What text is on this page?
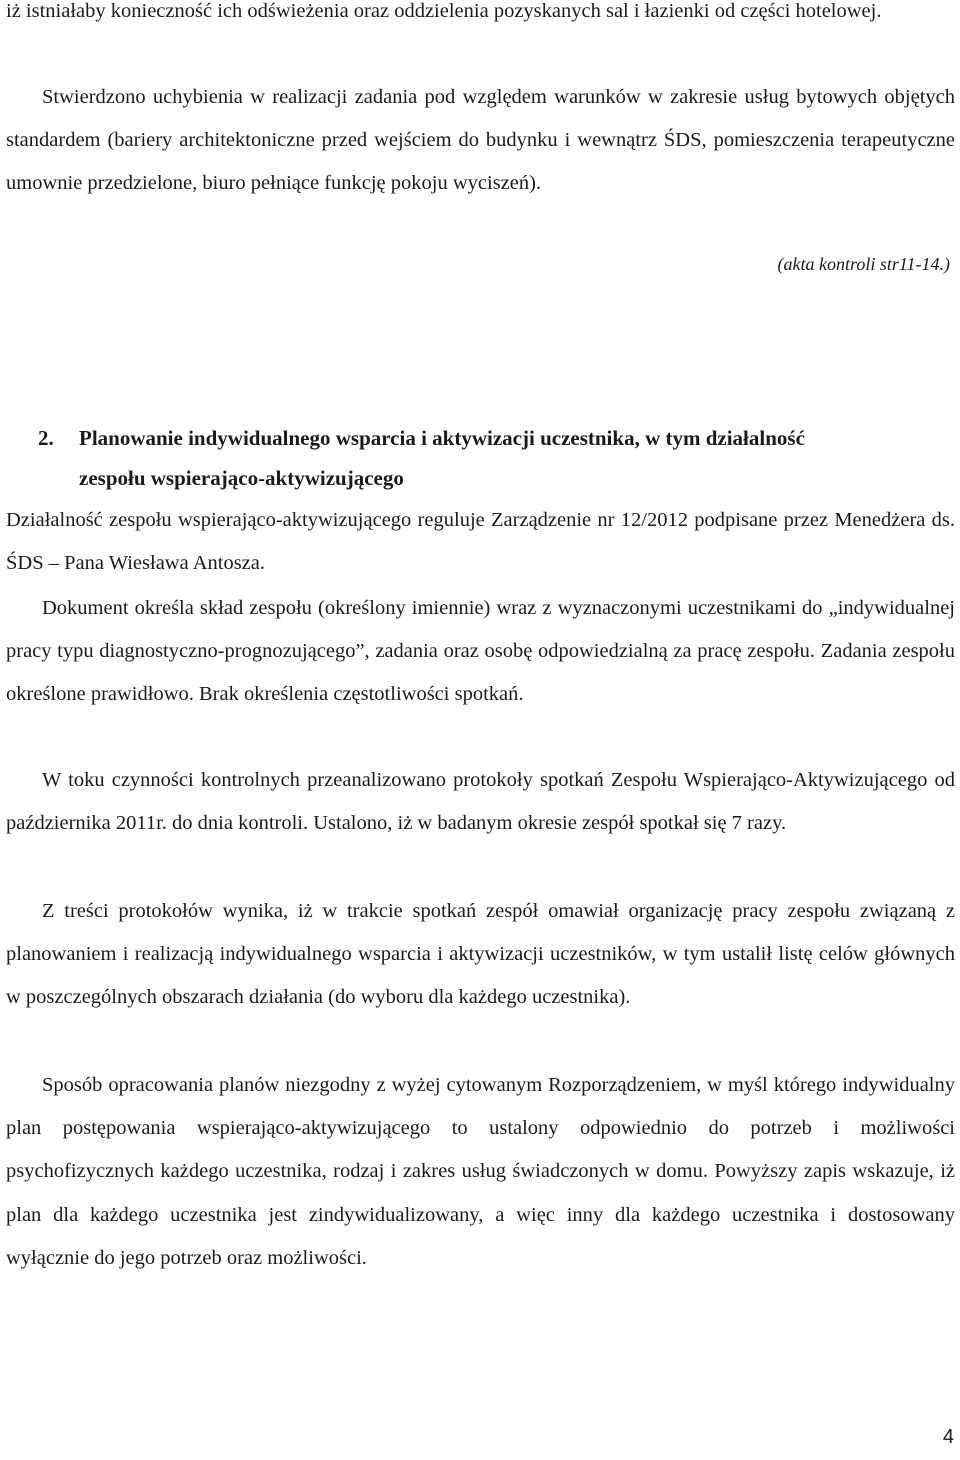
iż istniałaby konieczność ich odświeżenia oraz oddzielenia pozyskanych sal i łazienki od części hotelowej.

Stwierdzono uchybienia w realizacji zadania pod względem warunków w zakresie usług bytowych objętych standardem (bariery architektoniczne przed wejściem do budynku i wewnątrz ŚDS, pomieszczenia terapeutyczne umownie przedzielone, biuro pełniące funkcję pokoju wyciszeń).

(akta kontroli str11-14.)

2. Planowanie indywidualnego wsparcia i aktywizacji uczestnika, w tym działalność
zespołu wspierająco-aktywizującego

Działalność zespołu wspierająco-aktywizującego reguluje Zarządzenie nr 12/2012 podpisane przez Menedżera ds. ŚDS – Pana Wiesława Antosza.

Dokument określa skład zespołu (określony imiennie) wraz z wyznaczonymi uczestnikami do „indywidualnej pracy typu diagnostyczno-prognozującego”, zadania oraz osobę odpowiedzialną za pracę zespołu. Zadania zespołu określone prawidłowo. Brak określenia częstotliwości spotkań.

W toku czynności kontrolnych przeanalizowano protokoły spotkań Zespołu Wspierająco-Aktywizującego od października 2011r. do dnia kontroli. Ustalono, iż w badanym okresie zespół spotkał się 7 razy.

Z treści protokołów wynika, iż w trakcie spotkań zespół omawiał organizację pracy zespołu związaną z planowaniem i realizacją indywidualnego wsparcia i aktywizacji uczestników, w tym ustalił listę celów głównych w poszczególnych obszarach działania (do wyboru dla każdego uczestnika).

Sposób opracowania planów niezgodny z wyżej cytowanym Rozporządzeniem, w myśl którego indywidualny plan postępowania wspierająco-aktywizującego to ustalony odpowiednio do potrzeb i możliwości psychofizycznych każdego uczestnika, rodzaj i zakres usług świadczonych w domu. Powyższy zapis wskazuje, iż plan dla każdego uczestnika jest zindywidualizowany, a więc inny dla każdego uczestnika i dostosowany wyłącznie do jego potrzeb oraz możliwości.

4
